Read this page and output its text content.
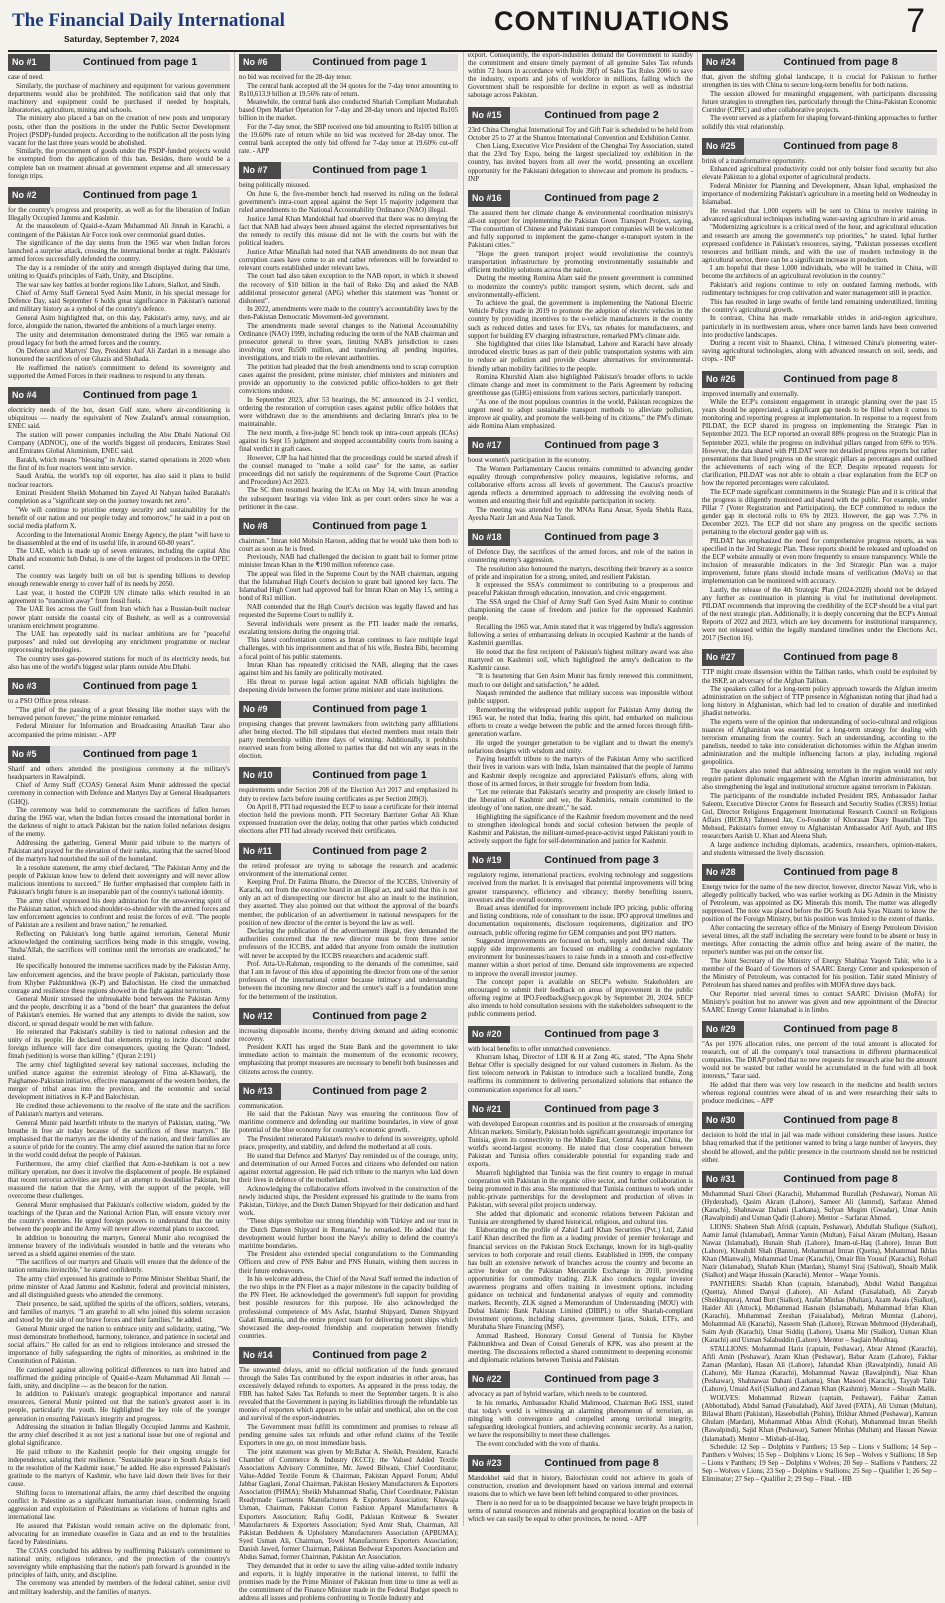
The Financial Daily International
Saturday, September 7, 2024
CONTINUATIONS	7
No #1	Continued from page 1

case of need.

Similarly, the purchase of machinery and equipment for various government departments would also be prohibited. The notification said that only that machinery and equipment could be purchased if needed by hospitals, laboratories, agriculture, mining and schools.

The ministry also placed a ban on the creation of new posts and temporary posts, other than the positions in the under the Public Sector Development Project (PSDP)-funded projects. According to the notification all the posts lying vacant for the last three years would be abolished.

Similarly, the procurement of goods under the PSDP-funded projects would be exempted from the application of this ban. Besides, there would be a complete ban on treatment abroad at government expense and all unnecessary foreign trips.

No #2	Continued from page 1

for the country's progress and prosperity, as well as for the liberation of Indian Illegally Occupied Jammu and Kashmir.

At the mausoleum of Quaid-e-Azam Muhammad Ali Jinnah in Karachi, a contingent of the Pakistan Air Force took over ceremonial guard duties.

The significance of the day stems from the 1965 war when Indian forces launched a surprise attack, crossing the international border at night. Pakistan's armed forces successfully defended the country.

The day is a reminder of the unity and strength displayed during that time, uniting to Quaid's principles of Faith, Unity, and Discipline.

The war saw key battles at border regions like Lahore, Sialkot, and Sindh.

Chief of Army Staff General Syed Asim Munir, in his special message for Defence Day, said September 6 holds great significance in Pakistan's national and military history as a symbol of the country's defence.

General Asim highlighted that, on this day, Pakistan's army, navy, and air force, alongside the nation, thwarted the ambitions of a much larger enemy.

The unity and determination demonstrated during the 1965 war remain a proud legacy for both the armed forces and the country.

On Defence and Martyrs' Day, President Asif Ali Zardari in a message also honoured the sacrifices of our Ghazis and Shuhada.

He reaffirmed the nation's commitment to defend its sovereignty and supported the Armed Forces in their readiness to respond to any threats.

No #4	Continued from page 1

electricity needs of the hot, desert Gulf state, where air-conditioning is ubiquitous — nearly the equivalent of New Zealand's annual consumption, ENEC said.

The station will power companies including the Abu Dhabi National Oil Company (ADNOC), one of the world's biggest oil producers, Emirates Steel and Emirates Global Aluminium, ENEC said.

Barakh, which means "blessing" in Arabic, started operations in 2020 when the first of its four reactors went into service.

Saudi Arabia, the world's top oil exporter, has also said it plans to build nuclear reactors.

Emirati President Sheikh Mohamed bin Zayed Al Nahyan hailed Barakah's completion as a "significant step on the journey towards net zero".

"We will continue to prioritise energy security and sustainability for the benefit of our nation and our people today and tomorrow," he said in a post on social media platform X.

According to the International Atomic Energy Agency, the plant "will have to be disassembled at the end of its useful life, in around 60-80 years".

The UAE, which is made up of seven emirates, including the capital Abu Dhabi and economic hub Dubai, is one of the largest oil producers in the OPEC cartel.

The country was largely built on oil but is spending billions to develop enough renewable energy to cover half of its needs by 2050.

Last year, it hosted the COP28 UN climate talks which resulted in an agreement to "transition away" from fossil fuels.

The UAE lies across the Gulf from Iran which has a Russian-built nuclear power plant outside the coastal city of Bushehr, as well as a controversial uranium enrichment programme.

The UAE has repeatedly said its nuclear ambitions are for "peaceful purposes" and ruled out developing any enrichment programme or nuclear reprocessing technologies.

The country uses gas-powered stations for much of its electricity needs, but also has one of the world's biggest solar plants outside Abu Dhabi.

No #3	Continued from page 1

to a PSO Office press release.

"The grief of the passing of a great blessing like mother stays with the bereaved person forever," the prime minister remarked.

Federal Minister for Information and Broadcasting Attaullah Tarar also accompanied the prime minister. - APP

No #5	Continued from page 1

Sharif and others attended the prestigious ceremony at the military's headquarters in Rawalpindi.

Chief of Army Staff (COAS) General Asim Munir addressed the special ceremony in connection with Defence and Martyrs Day at General Headquarters (GHQ).

The ceremony was held to commemorate the sacrifices of fallen heroes during the 1965 war, when the Indian forces crossed the international border in the darkness of night to attack Pakistan but the nation foiled nefarious designs of the enemy.

Addressing the gathering, General Munir paid tribute to the martyrs of Pakistan and prayed for the elevation of their ranks, stating that the sacred blood of the martyrs had nourished the soil of the homeland.

In a resolute statement, the army chief declared, "The Pakistan Army and the people of Pakistan know how to defend their sovereignty and will never allow malicious intentions to succeed." He further emphasised that complete faith in Pakistan's bright future is an inseparable part of the country's national identity.

The army chief expressed his deep admiration for the unwavering spirit of the Pakistan nation, which stood shoulder-to-shoulder with the armed forces and law enforcement agencies to confront and resist the forces of evil. "The people of Pakistan are a resilient and brave nation," he remarked.

Reflecting on Pakistan's long battle against terrorism, General Munir acknowledged the continuing sacrifices being made in this struggle, vowing, "Insha'Allah, the sacrifices will continue until the terrorists are eradicated," he stated.

He specifically honoured the immense sacrifices made by the Pakistan Army, law enforcement agencies, and the brave people of Pakistan, particularly those from Khyber Pakhtunkhwa (K-P) and Balochistan. He cited the unmatched courage and resilience these regions showed in the fight against terrorism.

General Munir stressed the unbreakable bond between the Pakistan Army and the people, describing it as a "bond of the heart" that guarantees the defeat of Pakistan's enemies. He warned that any attempts to divide the nation, sow discord, or spread despair would be met with failure.

He reiterated that Pakistan's stability is tied to national cohesion and the unity of its people. He declared that elements trying to incite discord under foreign influence will face dire consequences, quoting the Quran: "Indeed, fitnah (sedition) is worse than killing." (Quran 2:191)

The army chief highlighted several key national successes, including the unified stance against the extremist ideology of Fitna al-Khawarij, the Paighamee-Pakistan initiative, effective management of the western borders, the merger of tribal areas into the province, and the economic and social development initiatives in K-P and Balochistan.

He credited these achievements to the resolve of the state and the sacrifices of Pakistan's martyrs and veterans.

General Munir paid heartfelt tribute to the martyrs of Pakistan, stating, "We breathe in free air today because of the sacrifices of these martyrs." He emphasised that the martyrs are the identity of the nation, and their families are a source of pride for the country. The army chief assured the nation that no force in the world could defeat the people of Pakistan.

Furthermore, the army chief clarified that Azm-e-Istehkam is not a new military operation, nor does it involve the displacement of people. He explained that recent terrorist activities are part of an attempt to destabilise Pakistan, but reassured the nation that the Army, with the support of the people, will overcome these challenges.

General Munir emphasised that Pakistan's collective wisdom, guided by the teachings of the Quran and the National Action Plan, will ensure victory over the country's enemies. He urged foreign powers to understand that the unity between the people and the Army will never allow external plans to succeed.

In addition to honouring the martyrs, General Munir also recognised the immense bravery of the individuals wounded in battle and the veterans who served as a shield against enemies of the state.

"The sacrifices of our martyrs and Ghazis will ensure that the defence of the nation remains invincible," he stated confidently.

The army chief expressed his gratitude to Prime Minister Shehbaz Sharif, the prime minister of Azad Jammu and Kashmir, federal and provincial ministers, and all distinguished guests who attended the ceremony.

Their presence, he said, uplifted the spirits of the officers, soldiers, veterans, and families of martyrs. "I am grateful to all who joined this solemn occasion and stood by the side of our brave forces and their families," he added.

General Munir urged the nation to embrace unity and solidarity, stating, "We must demonstrate brotherhood, harmony, tolerance, and patience in societal and social affairs." He called for an end to religious intolerance and stressed the importance of fully safeguarding the rights of minorities, as enshrined in the Constitution of Pakistan.

He cautioned against allowing political differences to turn into hatred and reaffirmed the guiding principle of Quaid-e-Azam Muhammad Ali Jinnah — faith, unity, and discipline — as the beacon for the nation.

In addition to Pakistan's strategic geographical importance and natural resources, General Munir pointed out that the nation's greatest asset is its people, particularly the youth. He highlighted the key role of the younger generation in ensuring Pakistan's integrity and progress.

Addressing the situation in Indian Illegally Occupied Jammu and Kashmir, the army chief described it as not just a national issue but one of regional and global significance.

He paid tribute to the Kashmiri people for their ongoing struggle for independence, saluting their resilience. "Sustainable peace in South Asia is tied to the resolution of the Kashmir issue," he added. He also expressed Pakistan's gratitude to the martyrs of Kashmir, who have laid down their lives for their cause.

Shifting focus to international affairs, the army chief described the ongoing conflict in Palestine as a significant humanitarian issue, condemning Israeli aggression and exploitation of Palestinians as violations of human rights and international law.

He assured that Pakistan would remain active on the diplomatic front, advocating for an immediate ceasefire in Gaza and an end to the brutalities faced by Palestinians.

The COAS concluded his address by reaffirming Pakistan's commitment to national unity, religious tolerance, and the protection of the country's sovereignty while emphasising that the nation's path forward is grounded in the principles of faith, unity, and discipline.

The ceremony was attended by members of the federal cabinet, senior civil and military leadership, and the families of martyrs.

No #6	Continued from page 1

no bid was received for the 28-day tenor.

The central bank accepted all the 34 quotes for the 7-day tenor amounting to Rs10,613.9 billion at 19.56% rate of return.

Meanwhile, the central bank also conducted Shariah Compliant Mudarabah based Open Market Operation for 7-day and 28-day tenors and injected Rs105 billion in the market.

For the 7-day tenor, the SBP received one bid amounting to Rs105 billion at the 19.60% rate of return while no bid was received for 28-day tenor. The central bank accepted the only bid offered for 7-day tenor at 19.60% cut-off rate. - APP

No #7	Continued from page 1

being politically misused.

On June 6, the five-member bench had reserved its ruling on the federal government's intra-court appeal against the Sept 15 majority judgement that ruled amendments to the National Accountability Ordinance (NAO) illegal.

Justice Jamal Khan Mandokhail had observed that there was no denying the fact that NAB had always been abused against the elected representatives but the remedy to rectify this misuse did not lie with the courts but with the political leaders.

Justice Athar Minallah had noted that NAB amendments do not mean that corruption cases have come to an end rather references will be forwarded to relevant courts established under relevant laws.

The court had also taken exception to the NAB report, in which it showed the recovery of $10 billion in the bail of Reko Diq and asked the NAB additional prosecutor general (APG) whether this statement was "honest or dishonest".

In 2022, amendments were made to the country's accountability laws by the then-Pakistan Democratic Movement-led government.

The amendments made several changes to the National Accountability Ordinance (NAO) 1999, including reducing the term of the NAB chairman and prosecutor general to three years, limiting NAB's jurisdiction to cases involving over Rs500 million, and transferring all pending inquiries, investigations, and trials to the relevant authorities.

The petition had pleaded that the fresh amendments tend to scrap corruption cases against the president, prime minister, chief ministers and ministers and provide an opportunity to the convicted public office-holders to get their convictions undone.

In September 2023, after 53 hearings, the SC announced its 2-1 verdict, ordering the restoration of corruption cases against public office holders that were withdrawn due to the amendments and declaring Imran's plea to be maintainable.

The next month, a five-judge SC bench took up intra-court appeals (ICAs) against its Sept 15 judgment and stopped accountability courts from issuing a final verdict in graft cases.

However, CJP Isa had hinted that the proceedings could be started afresh if the counsel managed to "make a solid case" for the same, as earlier proceedings did not satisfy the requirements of the Supreme Court (Practice and Procedure) Act 2023.

The SC then resumed hearing the ICAs on May 14, with Imran attending the subsequent hearings via video link as per court orders since he was a petitioner in the case.

No #8	Continued from page 1

chairman." Imran told Mohsin Haroon, adding that he would take them both to court as soon as he is freed.

Previously, NAB had challenged the decision to grant bail to former prime minister Imran Khan in the ₹190 million reference case.

The appeal was filed in the Supreme Court by the NAB chairman, arguing that the Islamabad High Court's decision to grant bail ignored key facts. The Islamabad High Court had approved bail for Imran Khan on May 15, setting a bond of Rs1 million.

NAB contended that the High Court's decision was legally flawed and has requested the Supreme Court to nullify it.

Several individuals were present as the PTI leader made the remarks, escalating tensions during the ongoing trial.

This latest confrontation comes as Imran continues to face multiple legal challenges, with his imprisonment and that of his wife, Bushra Bibi, becoming a focal point of his public statements.

Imran Khan has repeatedly criticised the NAB, alleging that the cases against him and his family are politically motivated.

His threat to pursue legal action against NAB officials highlights the deepening divide between the former prime minister and state institutions.

No #9	Continued from page 1

proposing changes that prevent lawmakers from switching party affiliations after being elected. The bill stipulates that elected members must retain their party membership within three days of winning. Additionally, it prohibits reserved seats from being allotted to parties that did not win any seats in the election.

No #10	Continued from page 1

requirements under Section 208 of the Election Act 2017 and emphasized its duty to review facts before issuing certificates as per Section 209(3).

On April 8, PTI had requested the ECP to issue a certificate for their internal election held the previous month. PTI Secretary Barrister Gohar Ali Khan expressed frustration over the delay, noting that other parties which conducted elections after PTI had already received their certificates.

No #11	Continued from page 2

the retired professor are trying to sabotage the research and academic environment of the international center.

Keeping Prof. Dr Fatima Bhutto, the Director of the ICCBS, University of Karachi, out from the executive board in an illegal act, and said that this is not only an act of disrespecting our director but also an insult to the institution, they asserted. They also pointed out that without the approval of the board's member, the publication of an advertisement in national newspapers for the position of new director of the center is beyond the law as well.

Declaring the publication of the advertisement illegal, they demanded the authorities concerned that the new director must be from three senior professors of the ICCBS, and added that anyone from outside the institution will never be accepted by the ICCBS researchers and academic staff.

Prof. Atta-Ur-Rahman, responding to the demands of the committee, said that I am in favour of this idea of appointing the director from one of the senior professors of the international center because intimacy and understanding between the incoming new director and the center's staff is a foundation stone for the betterment of the institution.

No #12	Continued from page 2

increasing disposable income, thereby driving demand and aiding economic recovery.

President KATI has urged the State Bank and the government to take immediate action to maintain the momentum of the economic recovery, emphasizing that prompt measures are necessary to benefit both businesses and citizens across the country.

No #13	Continued from page 2

communication.

He said that the Pakistan Navy was ensuring the continuous flow of maritime commerce and defending our maritime boundaries, in view of great potential of the blue economy for country's economic growth.

The President reiterated Pakistan's resolve to defend its sovereignty, uphold peace, prosperity, and stability, and defend the motherland at all costs.

He stated that Defence and Martyrs' Day reminded us of the courage, unity, and determination of our Armed Forces and citizens who defended our nation against external aggression. He paid rich tribute to the martyrs who laid down their lives in defence of the motherland.

Acknowledging the collaborative efforts involved in the construction of the newly inducted ships, the President expressed his gratitude to the teams from Pakistan, Türkiye, and the Dutch Damen Shipyard for their dedication and hard work.

"These ships symbolize our strong friendship with Türkiye and our trust in the Dutch Damen Shipyard in Romania," he remarked. He added that the development would further boost the Navy's ability to defend the country's maritime boundaries.

The President also extended special congratulations to the Commanding Officers and crew of PNS Babur and PNS Hunain, wishing them success in their future endeavours.

In his welcome address, the Chief of the Naval Staff termed the induction of the two ships in the PN Fleet as a major milestone in the capacity building of the PN Fleet. He acknowledged the government's full support for providing best possible resources for this purpose. He also acknowledged the professional competence of M/s Asfat, Istanbul Shipyard, Damen Shipyard Galati Romania, and the entire project team for delivering potent ships which showcased the deep-rooted friendship and cooperation between friendly countries.

No #14	Continued from page 2

The unwanted delays, amid no official notification of the funds generated through the Sales Tax contributed by the export industries in other areas, has excessively delayed refunds to exporters. As appeared in the press today, the FBR has halted Sales Tax Refunds to meet the September targets. It is also revealed that the Government is paying its liabilities through the refundable tax monies of exporters which appears to be unfair and unethical, also on the cost and survival of the export-industries.

The Government must fulfill its commitment and promises to release all pending genuine sales tax refunds and other refund claims of the Textile Exporters in one go, on most immediate basis.

The joint statement was given by Mr.Babar A. Sheikh, President, Karachi Chamber of Commerce & Industry (KCCI); the Valued Added Textile Associations Advisory Committee, Mr. Jawed Bilwani, Chief Coordinator, Value-Added Textile Forum & Chairman, Pakistan Apparel Forum; Abdul Jabbar Gaglani, Zonal Chairman, Pakistan Hosiery Manufacturers & Exporters Association (PHMA); Sheikh Muhammad Shafiq, Chief Coordinator, Pakistan Readymade Garments Manufacturers & Exporters Association; Khawaja Usman, Chairman, Pakistan Cotton Fashion Apparel Manufacturers & Exporters Association; Rafiq Godil, Pakistan Knitwear & Sweater Manufacturers & Exporters Association; Syed Amir Shah, Chairman, All Pakistan Bedsheets & Upholstery Manufacturers Association (APBUMA); Syed Usman Ali, Chairman, Towel Manufacturers Exporters Association; Danish Jawed, former Chairman, Pakistan Bedwear Exporters Association and Abdus Samad, former Chairman, Pakistan Art Association.

They demanded that in order to save the ailing value-added textile industry and exports, it is highly imperative in the national interest, to fulfil the promises made by the Prime Minister of Pakistan from time to time as well as the commitment of the Finance Minister made in the Federal Budget speech to address all issues and problems confronting to Textile Industry and

export. Consequently, the export-industries demand the Government to standby the commitment and ensure timely payment of all genuine Sales Tax refunds within 72 hours in accordance with Rule 39(f) of Sales Tax Rules 2006 to save the industry, exports and jobs of workforce in millions, failing which the Government shall be responsible for decline in export as well as industrial sabotage across Pakistan.

No #15	Continued from page 2

23rd China Chenghai International Toy and Gift Fair is scheduled to be held from October 25 to 27 at the Shantou International Convention and Exhibition Center.

Chen Liang, Executive Vice President of the Chenghai Toy Association, stated that the 23rd Toy Expo, being the largest specialized toy exhibition in the country, has invited buyers from all over the world, presenting an excellent opportunity for the Pakistani delegation to showcase and promote its products. - INP

No #16	Continued from page 2

The assured them her climate change & environmental coordination ministry's all-out support for implementing the Pakistan Green Transport Project, saying, "The consortium of Chinese and Pakistani transport companies will be welcomed and fully supported to implement the game-changer e-transport system in the Pakistani cities."

"Hope the green transport project would revolutionise the country's transportation infrastructure by promoting environmentally sustainable and efficient mobility solutions across the nation.

During the meeting Romina Alam said the present government is committed to modernize the country's public transport system, which decent, safe and environmentally-efficient.

To achieve the goal, the government is implementing the National Electric Vehicle Policy made in 2019 to promote the adoption of electric vehicles in the country by providing incentives to the e-vehicle manufacturers in the country such as reduced duties and taxes for EVs, tax rebates for manufacturers, and support for building EV charging infrastructure, remarked PM's climate aide.

She highlighted that cities like Islamabad, Lahore and Karachi have already introduced electric buses as part of their public transportation systems with aim to reduce air pollution and provide cleaner alternatives for environmental-friendly urban mobility facilities to the people.

Romina Khurshid Alam also highlighted Pakistan's broader efforts to tackle climate change and meet its commitment to the Paris Agreement by reducing greenhouse gas (GHG) emissions from various sectors, particularly transport.

"As one of the most populous countries in the world, Pakistan recognizes the urgent need to adopt sustainable transport methods to alleviate pollution, improve air quality, and promote the well-being of its citizens," the PM's climate aide Romina Alam emphasized.

No #17	Continued from page 3

boost women's participation in the economy.

The Women Parliamentary Caucus remains committed to advancing gender equality through comprehensive policy measures, legislative reforms, and collaborative efforts across all levels of government. The Caucus's proactive agenda reflects a determined approach to addressing the evolving needs of women and ensuring their full and equitable participation in society.

The meeting was attended by the MNAs Rana Ansar, Syeda Shehla Raza, Ayesha Nazir Jatt and Asia Naz Tanoli.

No #18	Continued from page 3

of Defence Day, the sacrifices of the armed forces, and role of the nation in countering enemy's aggression.

The resolution also honoured the martyrs, describing their bravery as a source of pride and inspiration for a strong, united, and resilient Pakistan.

It expressed the SSA's commitment to contributing to a prosperous and peaceful Pakistan through education, innovation, and civic engagement.

The SSA urged the Chief of Army Staff Gen Syed Asim Munir to continue championing the cause of freedom and justice for the oppressed Kashmiri people.

Recalling the 1965 war, Amin stated that it was triggered by India's aggression following a series of embarrassing defeats in occupied Kashmir at the hands of Kashmiri guerrillas.

He noted that the first recipient of Pakistan's highest military award was also martyred on Kashmiri soil, which highlighted the army's dedication to the Kashmir cause.

"It is heartening that Gen Asim Munir has firmly renewed this commitment, much to our delight and satisfaction," he added.

Naqash reminded the audience that military success was impossible without public support.

Remembering the widespread public support for Pakistan Army during the 1965 war, he noted that India, fearing this spirit, had embarked on malicious efforts to create a wedge between the public and the armed forces through fifth-generation warfare.

He urged the younger generation to be vigilant and to thwart the enemy's nefarious designs with wisdom and unity.

Paying heartfelt tribute to the martyrs of the Pakistan Army who sacrificed their lives in various wars with India, Islam maintained that the people of Jammu and Kashmir deeply recognize and appreciated Pakistan's efforts, along with those of its armed forces, in their struggle for freedom from India.

"Let me reiterate that Pakistan's security and prosperity are closely linked to the liberation of Kashmir and we, the Kashmiris, remain committed to the ideology of 'one nation, one dream'," he said.

Highlighting the significance of the Kashmir freedom movement and the need to strengthen ideological bonds and social cohesion between the people of Kashmir and Pakistan, the militant-turned-peace-activist urged Pakistani youth to actively support the fight for self-determination and justice for Kashmir.

No #19	Continued from page 3

regulatory regime, international practices, evolving technology and suggestions received from the market. It is envisaged that potential improvements will bring greater transparency, efficiency and vibrancy; thereby benefiting issuers, investors and the overall economy.

Broad areas identified for improvement include IPO pricing, public offering and listing conditions, role of consultant to the issue, IPO approval timelines and documentation requirements, disclosure requirements, digitization and IPO outreach, public offering regime for GEM companies and post IPO matters.

Suggested improvements are focused on both, supply and demand side. The supply side improvements are focused on enabling a conducive regulatory environment for businesses/issuers to raise funds in a smooth and cost-effective manner within a short period of time. Demand side improvements are expected to improve the overall investor journey.

The concept paper is available on SECP's website. Stakeholders are encouraged to submit their feedback on areas of improvement in the public offering regime at IPO.Feedback@secp.gov.pk by September 20, 2024. SECP also intends to hold consultation sessions with the stakeholders subsequent to the public comments period.

No #20	Continued from page 3

with local benefits to offer unmatched convenience.

Khurram Ishaq, Director of LDI & H at Zong 4G, stated, "The Apna Shehr Behtar Offer is specially designed for our valued customers in Jhelum. As the first telecom network in Pakistan to introduce such a localized bundle, Zong reaffirms its commitment to delivering personalized solutions that enhance the communication experience for all users."

No #21	Continued from page 3

with developed European countries and its position at the crossroads of emerging African markets. Similarly, Pakistan holds significant geostrategic importance for Tunisia, given its connectivity to the Middle East, Central Asia, and China, the world's second-largest economy. He stated that close cooperation between Pakistan and Tunisia offers considerable potential for expanding trade and exports.

Muarrefi highlighted that Tunisia was the first country to engage in mutual cooperation with Pakistan in the organic olive sector, and further collaboration is being promoted in this area. She mentioned that Tunisia continues to work under public-private partnerships for the development and production of olives in Pakistan, with several pilot projects underway.

She added that diplomatic and economic relations between Pakistan and Tunisia are strengthened by shared historical, religious, and cultural ties.

Elaborating on the profile of Zahid Latif Khan Securities (Pvt.) Ltd, Zahid Latif Khan described the firm as a leading provider of premier brokerage and financial services on the Pakistan Stock Exchange, known for its high-quality services to both corporate and retail clients. Established in 1999, the company has built an extensive network of branches across the country and become an active broker on the Pakistan Mercantile Exchange in 2010, providing opportunities for commodity trading. ZLK also conducts regular investor awareness programs and offers training in investment options, including guidance on technical and fundamental analyses of equity and commodity markets. Recently, ZLK signed a Memorandum of Understanding (MOU) with Dubai Islamic Bank Pakistan Limited (DIBPL) to offer Shariah-compliant investment options, including shares, government Ijaras, Sukuk, ETFs, and Murabaha Share Financing (MSF).

Ammad Rasheed, Honorary Consul General of Tunisia for Khyber Pakhtunkhwa and Dean of Consul Generals of KPK, was also present at the meeting. The discussions reflected a shared commitment to deepening economic and diplomatic relations between Tunisia and Pakistan.

No #22	Continued from page 3

advocacy as part of hybrid warfare, which needs to be countered.

In his remarks, Ambassador Khalid Mahmood, Chairman BoG ISSI, stated that today's world is witnessing an alarming phenomenon of terrorism, as mingling with convergence and compelled among territorial integrity, safeguarding ideological frontiers, and achieving economic security. As a nation, we have the responsibility to meet these challenges.

The event concluded with the vote of thanks.

No #23	Continued from page 8

Mandokhel said that in history, Balochistan could not achieve its goals of construction, creation and development based on various internal and external reasons due to which we have been left behind compared to other provinces.

There is no need for us to be disappointed because we have bright prospects in terms of natural resources and minerals and geographical location on the basis of which we can easily be equal to other provinces, he noted. - APP

No #24	Continued from page 8

that, given the shifting global landscape, it is crucial for Pakistan to further strengthen its ties with China to secure long-term benefits for both nations.

The session allowed for meaningful engagement, with participants discussing future strategies to strengthen ties, particularly through the China-Pakistan Economic Corridor (CPEC) and other collaborative projects.

The event served as a platform for shaping forward-thinking approaches to further solidify this vital relationship.

No #25	Continued from page 8

brink of a transformative opportunity.

Enhanced agricultural productivity could not only bolster food security but also elevate Pakistan to a global exporter of agricultural products.

Federal Minister for Planning and Development, Ahsan Iqbal, emphasized the importance of modernizing Pakistan's agriculture in a meeting held on Wednesday in Islamabad.

He revealed that 1,000 experts will be sent to China to receive training in advanced agricultural techniques including water-saving agriculture in arid areas.

"Modernizing agriculture is a critical need of the hour, and agricultural education and research are among the government's top priorities," he stated. Iqbal further expressed confidence in Pakistan's resources, saying, "Pakistan possesses excellent resources and brilliant minds, and with the use of modern technology in the agricultural sector, there can be a significant increase in production.

I am hopeful that these 1,000 individuals, who will be trained in China, will become the architects of an agricultural revolution in the country."

Pakistan's arid regions continue to rely on outdated farming methods, with rudimentary techniques for crop cultivation and water management still in practice.

This has resulted in large swaths of fertile land remaining underutilized, limiting the country's agricultural growth.

In contrast, China has made remarkable strides in arid-region agriculture, particularly in its northwestern areas, where once barren lands have been converted into productive landscapes.

During a recent visit to Shaanxi, China, I witnessed China's pioneering water-saving agricultural technologies, along with advanced research on soil, seeds, and crops. - INP

No #26	Continued from page 8

improved internally and externally.

While the ECP's consistent engagement in strategic planning over the past 15 years should be appreciated, a significant gap needs to be filled when it comes to monitoring and reporting progress at implementation. In response to a request from PILDAT, the ECP shared its progress on implementing the Strategic Plan in September 2023. The ECP reported an overall 88% progress on the Strategic Plan in September 2023, while the progress on individual pillars ranged from 69% to 95%. However, the data shared with PILDAT were not detailed progress reports but rather presentations that listed progress on the strategic pillars as percentages and outlined the achievements of each wing of the ECP. Despite repeated requests for clarification, PILDAT was not able to obtain a clear explanation from the ECP on how the reported percentages were calculated.

The ECP made significant commitments in the Strategic Plan and it is critical that the progress is diligently monitored and shared with the public. For example, under Pillar 7 (Voter Registration and Participation), the ECP committed to reduce the gender gap in electoral rolls to 6% by 2023. However, the gap was 7.7% in December 2023. The ECP did not share any progress on the specific sections pertaining to the electoral gender gap with us.

PILDAT has emphasized the need for comprehensive progress reports, as was specified in the 3rd Strategic Plan. These reports should be released and uploaded on the ECP website annually or even more frequently to ensure transparency. While the inclusion of measurable indicators in the 3rd Strategic Plan was a major improvement, future plans should include means of verification (MoVs) so that implementation can be monitored with accuracy.

Lastly, the release of the 4th Strategic Plan (2024-2028) should not be delayed any further as continuation in planning is vital for institutional development. PILDAT recommends that improving the credibility of the ECP should be a vital part of the next strategic plan. Additionally, it is deeply concerning that the ECP's Annual Reports of 2022 and 2023, which are key documents for institutional transparency, were not released within the legally mandated timelines under the Elections Act, 2017 (Section 16).

No #27	Continued from page 8

TTP might create dissension within the Taliban ranks, which could be exploited by the ISKP, an adversary of the Afghan Taliban.

The speakers called for a long-term policy approach towards the Afghan interim administration on the subject of TTP presence in Afghanistan noting that jihad had a long history in Afghanistan, which had led to creation of durable and interlinked jihadist networks.

The experts were of the opinion that understanding of socio-cultural and religious nuances of Afghanistan was essential for a long-term strategy for dealing with terrorism emanating from the country. Such an understanding, according to the panelists, needed to take into consideration dichotomies within the Afghan interim administration and the multiple influencing factors at play, including regional geopolitics.

The speakers also noted that addressing terrorism in the region would not only require patient diplomatic engagement with the Afghan interim administration, but also strengthening the legal and institutional structure against terrorism in Pakistan.

The participants of the roundtable included President IRS, Ambassador Jauhar Saleem, Executive Director Centre for Research and Security Studies (CRSS) Imtiaz Gul, Director Religious Engagement International Research Council on Religious Affairs (IRCRA) Tahmeed Jan, Co-Founder of Khorasan Diary Ihsanullah Tipu Mehsud, Pakistan's former envoy to Afghanistan Ambassador Arif Ayub, and IRS researchers Aarish U. Khan and Aleena Shah.

A large audience including diplomats, academics, researchers, opinion-makers, and students witnessed the lively discussion.

No #28	Continued from page 8

Energy twice for the name of the new director, however, director Nawaz Virk, who is allegedly politically backed, who was earlier working as DG Admin in the Ministry of Petroleum, was appointed as DG Minerals this month. The matter was allegedly suppressed. The note was placed before the DG South Asia Syas Nizami to know the position of the Foreign Ministry, but his position was limited to the extent of thanks.

After contacting the secretary office of the Ministry of Energy Petroleum Division several times, all the staff including the secretary were found to be absent or busy in meetings. After contacting the admin office and being aware of the matter, the reporter's number was put on the censor list.

The Joint Secretary of the Ministry of Energy Shahbaz Yaqoob Tahir, who is a member of the Board of Governors of SAARC Energy Center and spokesperson of the Ministry of Petroleum, was contacted for his position. Tahir stated Ministry of Petroleum has shared names and profiles with MOFA three days back.

Our Reporter tried several times to contact SAARC Division (MoFA) for Ministry's position but no answer was given and new appointment of the Director SAARC Energy Center Islamabad is in limbo.

No #29	Continued from page 8

"As per 1976 allocation rules, one percent of the total amount is allocated for research, out of all the company's total transactions in different pharmaceutical companies. The DRAP probed that no new requests for research arise but the amount would not be wasted but rather would be accumulated in the fund with all book interests," Tarar said.

He added that there was very low research in the medicine and health sectors whereas regional countries were ahead of us and were researching their salts to produce medicines. - APP

No #30	Continued from page 8

decision to hold the trial in jail was made without considering these issues. Justice Ishaq remarked that if the petitioner wanted to bring a large number of lawyers, they should be allowed, and the public presence in the courtroom should not be restricted either.

No #31	Continued from page 8

Muhammad Shazi Ghori (Karachi), Muhammad Ruzullah (Peshawar), Noman Ali (Hyderabad), Qasim Akram (Lahore), Sameer Ali (Jamrud), Sarfaraz Ahmed (Karachi), Shahnawaz Dahani (Larkana), Sufyan Mugim (Gwadar), Umar Amin (Rawalpindi) and Usman Qadir (Lahore). Mentor – Sarfaraz Ahmed.

LIONS: Shaheen Shah Afridi (captain, Peshawar), Abdullah Shafique (Sialkot), Aamir Jamal (Islamabad), Ammar Yamin (Multan), Faisal Akram (Multan), Hassan Nawaz (Islamabad), Hunain Shah (Lahore), Imam-ul-Haq (Lahore), Imran Butt (Lahore), Khushdil Shah (Bannu), Mohammad Imran (Quetta), Muhammad Ikhlas Khan (Mianwali), Muhammad Umar (Karachi), Omair Bin Yousuf (Karachi), Rohail Nazir (Islamabad), Shahab Khan (Mardan), Shamyl Siraj (Sahiwal), Shoaib Malik (Sialkot) and Waqar Hussain (Karachi). Mentor – Waqar Younis.

PANTHERS: Shadab Khan (captain, Islamabad), Abdul Wahid Bangalzai (Quetta), Ahmed Danyal (Lahore), Ali Asfand (Faisalabad), Ali Zaryab (Sheikhupura), Amad Butt (Sialkot), Arafat Minhas (Multan), Azam Awais (Sialkot), Haider Ali (Attock), Muhammad Hasnain (Islamabad), Muhammad Irfan Khan (Karachi), Muhammad Zeeshan (Faisalabad), Mehran Mumtaz (Lahore), Mohammad Ali (Karachi), Naseem Shah (Lahore), Rizwan Mehmood (Hyderabad), Saim Ayub (Karachi), Umar Siddiq (Lahore), Usama Mir (Sialkot), Usman Khan (Karachi) and Usman Salahuddin (Lahore). Mentor – Saqlain Mushtaq.

STALLIONS: Mohammad Haris (captain, Peshawar), Abrar Ahmed (Karachi), Afifi Amin (Peshawar), Azam Khan (Peshawar), Babar Azam (Lahore), Fakhar Zaman (Mardan), Hasan Ali (Lahore), Jahandad Khan (Rawalpindi), Junaid Ali (Lahore), Mir Hamza (Karachi), Mohammad Nawaz (Rawalpindi), Niaz Khan (Peshawar), Shahnawaz Dahani (Larkana), Shan Masood (Karachi), Tayyab Tahir (Lahore), Umaid Asif (Sialkot) and Zaman Khan (Kashmir). Mentor – Shoaib Malik.

WOLVES: Mohammad Rizwan (captain, Peshawar), Fakhar Zaman (Abbottabad), Abdul Samad (Faisalabad), Akif Javed (FATA), Ali Usman (Multan), Bilawal Bhatti (Pakistan), Haseebullah (Pishin), Iftikhar Ahmed (Peshawar), Kamran Ghulam (Mardan), Mohammad Abbas Afridi (Kohat), Muhammad Imran Sheikh (Rawalpindi), Sajid Khan (Peshawar), Sameer Minhas (Multan) and Hassan Nawaz (Islamabad). Mentor – Misbah-ul-Haq.

Schedule: 12 Sep – Dolphins v Panthers; 13 Sep – Lions v Stallions; 14 Sep – Panthers v Wolves; 15 Sep – Dolphins v Lions; 16 Sep – Wolves v Stallions; 18 Sep – Lions v Panthers; 19 Sep – Dolphins v Wolves; 20 Sep – Stallions v Panthers; 22 Sep – Wolves v Lions; 23 Sep – Dolphins v Stallions; 25 Sep – Qualifier 1; 26 Sep – Eliminator; 27 Sep – Qualifier 2; 29 Sep – Final. - HB
